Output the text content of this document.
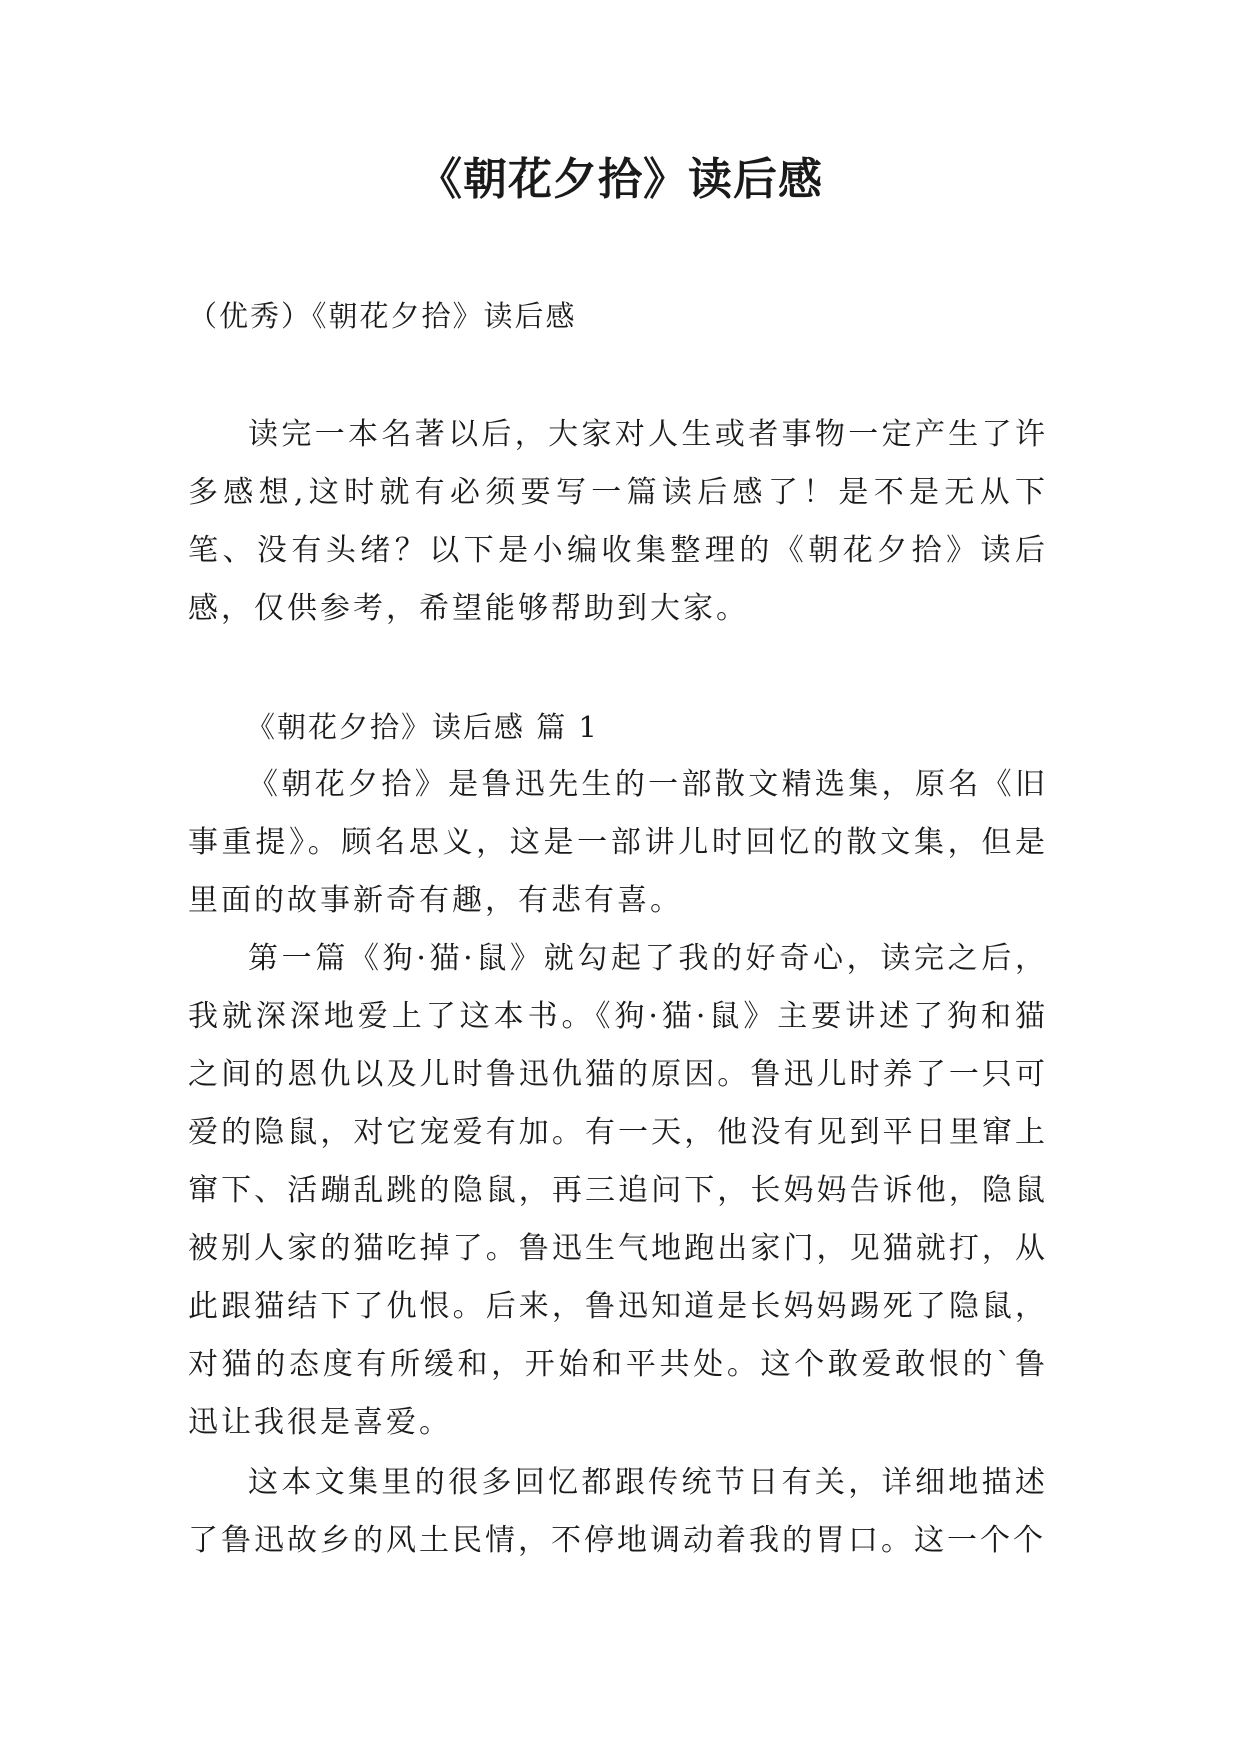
《朝花夕拾》读后感

（优秀）《朝花夕拾》读后感

读完一本名著以后，大家对人生或者事物一定产生了许多感想,这时就有必须要写一篇读后感了！是不是无从下笔、没有头绪？以下是小编收集整理的《朝花夕拾》读后感，仅供参考，希望能够帮助到大家。

《朝花夕拾》读后感 篇 1

《朝花夕拾》是鲁迅先生的一部散文精选集，原名《旧事重提》。顾名思义，这是一部讲儿时回忆的散文集，但是里面的故事新奇有趣，有悲有喜。

第一篇《狗·猫·鼠》就勾起了我的好奇心，读完之后，我就深深地爱上了这本书。《狗·猫·鼠》主要讲述了狗和猫之间的恩仇以及儿时鲁迅仇猫的原因。鲁迅儿时养了一只可爱的隐鼠，对它宠爱有加。有一天，他没有见到平日里窜上窜下、活蹦乱跳的隐鼠，再三追问下，长妈妈告诉他，隐鼠被别人家的猫吃掉了。鲁迅生气地跑出家门，见猫就打，从此跟猫结下了仇恨。后来，鲁迅知道是长妈妈踢死了隐鼠，对猫的态度有所缓和，开始和平共处。这个敢爱敢恨的`鲁迅让我很是喜爱。

这本文集里的很多回忆都跟传统节日有关，详细地描述了鲁迅故乡的风土民情，不停地调动着我的胃口。这一个个
